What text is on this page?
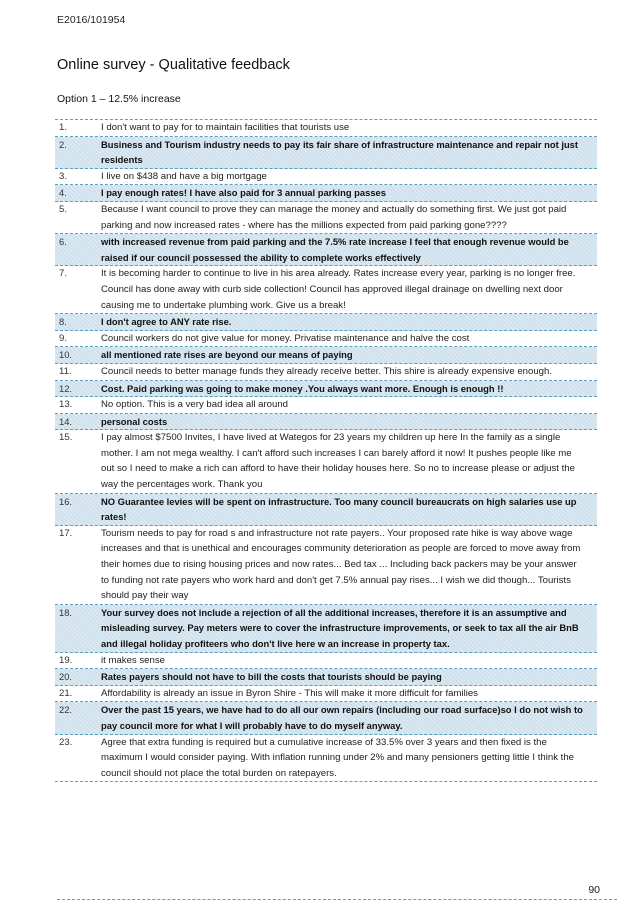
E2016/101954
Online survey - Qualitative feedback
Option 1 – 12.5% increase
1.	I don't want to pay for to maintain facilities that tourists use
2.	Business and Tourism industry needs to pay its fair share of infrastructure maintenance and repair not just residents
3.	I live on $438 and have a big mortgage
4.	I pay enough rates! I have also paid for 3 annual parking passes
5.	Because I want council to prove they can manage the money and actually do something first. We just got paid parking and now increased rates - where has the millions expected from paid parking gone????
6.	with increased revenue from paid parking and the 7.5% rate increase I feel that enough revenue would be raised if our council possessed the ability to complete works effectively
7.	It is becoming harder to continue to live in his area already. Rates increase every year, parking is no longer free. Council has done away with curb side collection! Council has approved illegal drainage on dwelling next door causing me to undertake plumbing work. Give us a break!
8.	I don't agree to ANY rate rise.
9.	Council workers do not give value for money. Privatise maintenance and halve the cost
10.	all mentioned rate rises are beyond our means of paying
11.	Council needs to better manage funds they already receive better. This shire is already expensive enough.
12.	Cost. Paid parking was going to make money .You always want more. Enough is enough !!
13.	No option. This is a very bad idea all around
14.	personal costs
15.	I pay almost $7500 Invites, I have lived at Wategos for 23 years my children up here In the family as a single mother. I am not mega wealthy. I can't afford such increases I can barely afford it now! It pushes people like me out so I need to make a rich can afford to have their holiday houses here. So no to increase please or adjust the way the percentages work. Thank you
16.	NO Guarantee levies will be spent on infrastructure. Too many council bureaucrats on high salaries use up rates!
17.	Tourism needs to pay for road s and infrastructure not rate payers.. Your proposed rate hike is way above wage increases and that is unethical and encourages community deterioration as people are forced to move away from their homes due to rising housing prices and now rates... Bed tax ... Including back packers may be your answer to funding not rate payers who work hard and don't get 7.5% annual pay rises... I wish we did though... Tourists should pay their way
18.	Your survey does not include a rejection of all the additional increases, therefore it is an assumptive and misleading survey. Pay meters were to cover the infrastructure improvements, or seek to tax all the air BnB and illegal holiday profiteers who don't live here w an increase in property tax.
19.	it makes sense
20.	Rates payers should not have to bill the costs that tourists should be paying
21.	Affordability is already an issue in Byron Shire - This will make it more difficult for families
22.	Over the past 15 years, we have had to do all our own repairs (including our road surface)so I do not wish to pay council more for what I will probably have to do myself anyway.
23.	Agree that extra funding is required but a cumulative increase of 33.5% over 3 years and then fixed is the maximum I would consider paying. With inflation running under 2% and many pensioners getting little I think the council should not place the total burden on ratepayers.
90
